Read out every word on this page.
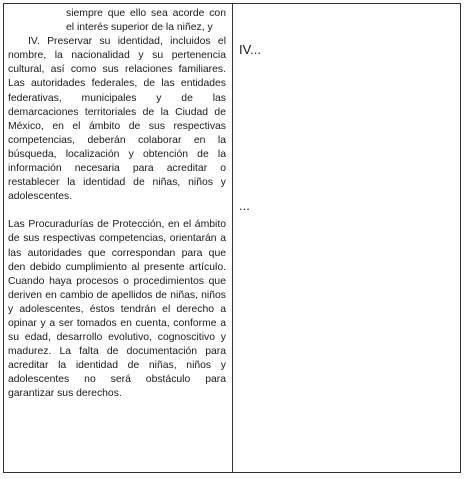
siempre que ello sea acorde con el interés superior de la niñez, y

IV. Preservar su identidad, incluidos el nombre, la nacionalidad y su pertenencia cultural, así como sus relaciones familiares. Las autoridades federales, de las entidades federativas, municipales y de las demarcaciones territoriales de la Ciudad de México, en el ámbito de sus respectivas competencias, deberán colaborar en la búsqueda, localización y obtención de la información necesaria para acreditar o restablecer la identidad de niñas, niños y adolescentes.

Las Procuradurías de Protección, en el ámbito de sus respectivas competencias, orientarán a las autoridades que correspondan para que den debido cumplimiento al presente artículo. Cuando haya procesos o procedimientos que deriven en cambio de apellidos de niñas, niños y adolescentes, éstos tendrán el derecho a opinar y a ser tomados en cuenta, conforme a su edad, desarrollo evolutivo, cognoscitivo y madurez. La falta de documentación para acreditar la identidad de niñas, niños y adolescentes no será obstáculo para garantizar sus derechos.

IV...

...
